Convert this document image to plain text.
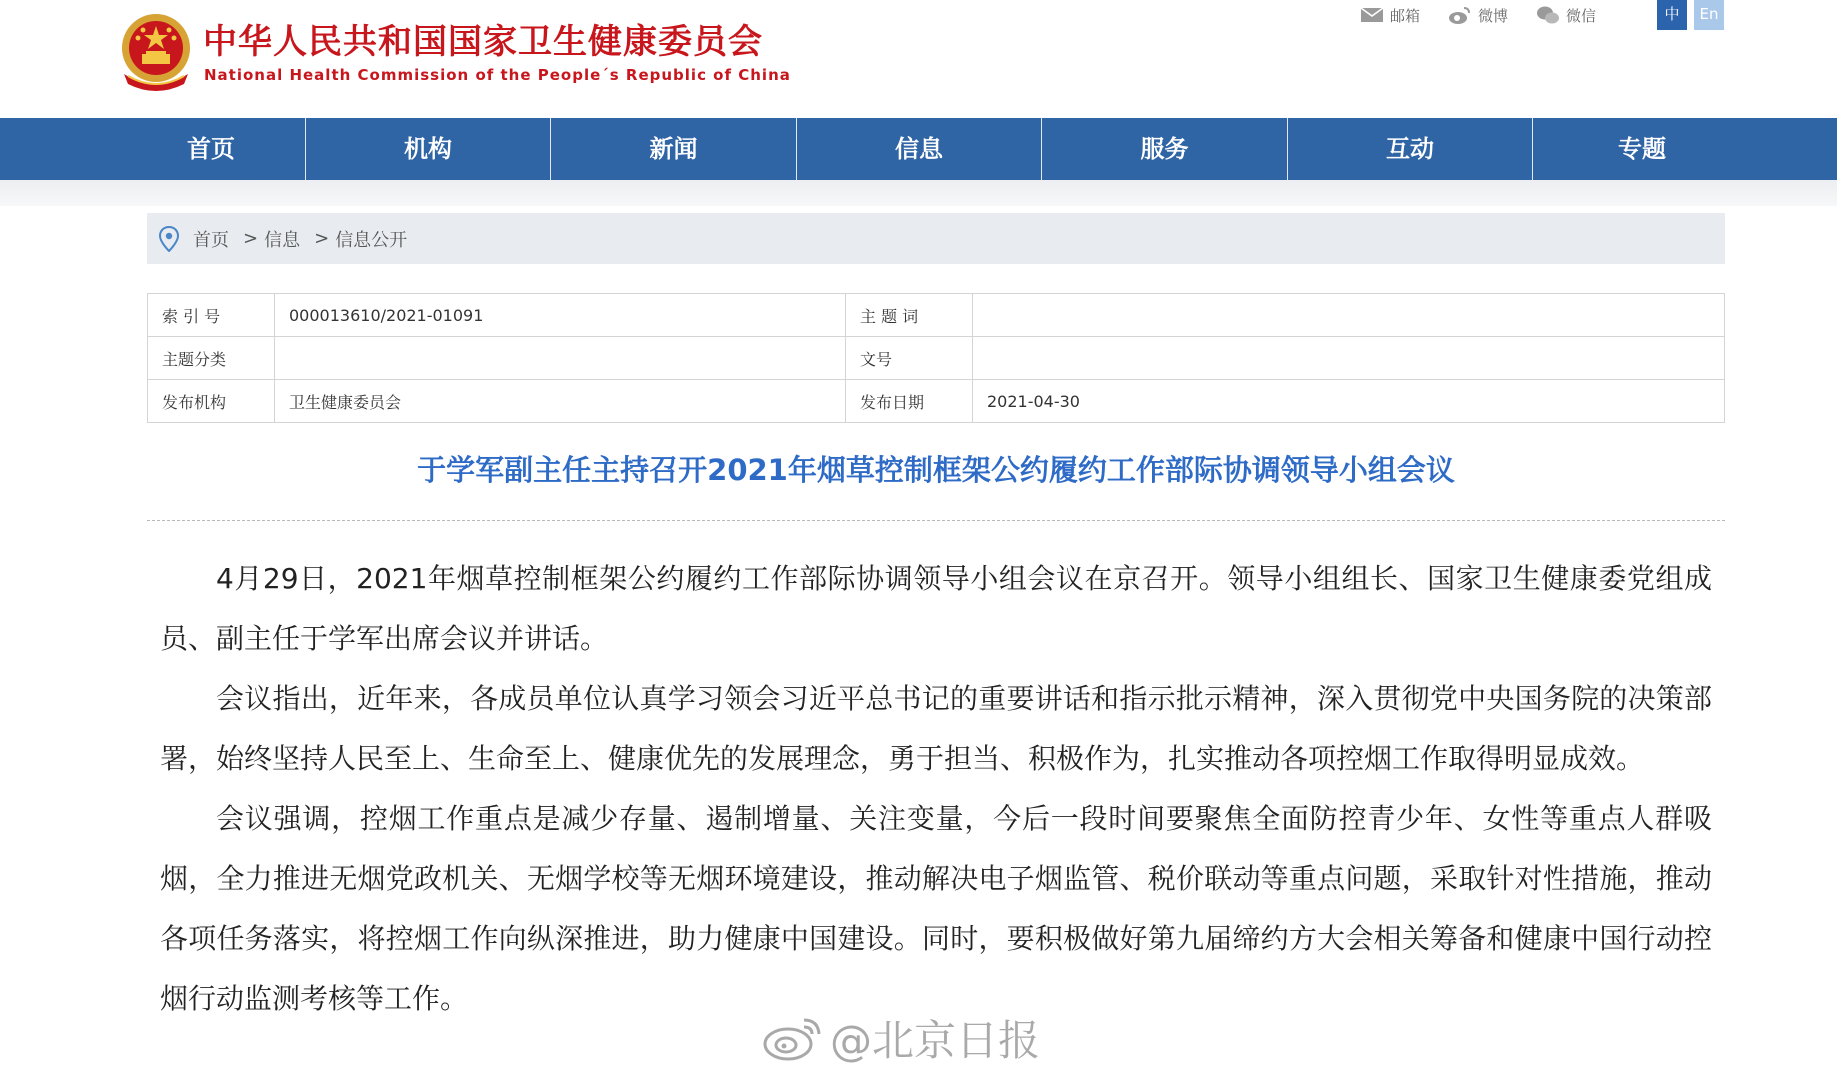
中华人民共和国国家卫生健康委员会
National Health Commission of the People´s Republic of China
邮箱	微博	微信	中	En
首页	机构	新闻	信息	服务	互动	专题
首页 > 信息 > 信息公开
索 引 号	000013610/2021-01091	主 题 词	
主题分类		文号	
发布机构	卫生健康委员会	发布日期	2021-04-30
于学军副主任主持召开2021年烟草控制框架公约履约工作部际协调领导小组会议

4月29日，2021年烟草控制框架公约履约工作部际协调领导小组会议在京召开。领导小组组长、国家卫生健康委党组成员、副主任于学军出席会议并讲话。

会议指出，近年来，各成员单位认真学习领会习近平总书记的重要讲话和指示批示精神，深入贯彻党中央国务院的决策部署，始终坚持人民至上、生命至上、健康优先的发展理念，勇于担当、积极作为，扎实推动各项控烟工作取得明显成效。

会议强调，控烟工作重点是减少存量、遏制增量、关注变量，今后一段时间要聚焦全面防控青少年、女性等重点人群吸烟，全力推进无烟党政机关、无烟学校等无烟环境建设，推动解决电子烟监管、税价联动等重点问题，采取针对性措施，推动各项任务落实，将控烟工作向纵深推进，助力健康中国建设。同时，要积极做好第九届缔约方大会相关筹备和健康中国行动控烟行动监测考核等工作。

@北京日报
